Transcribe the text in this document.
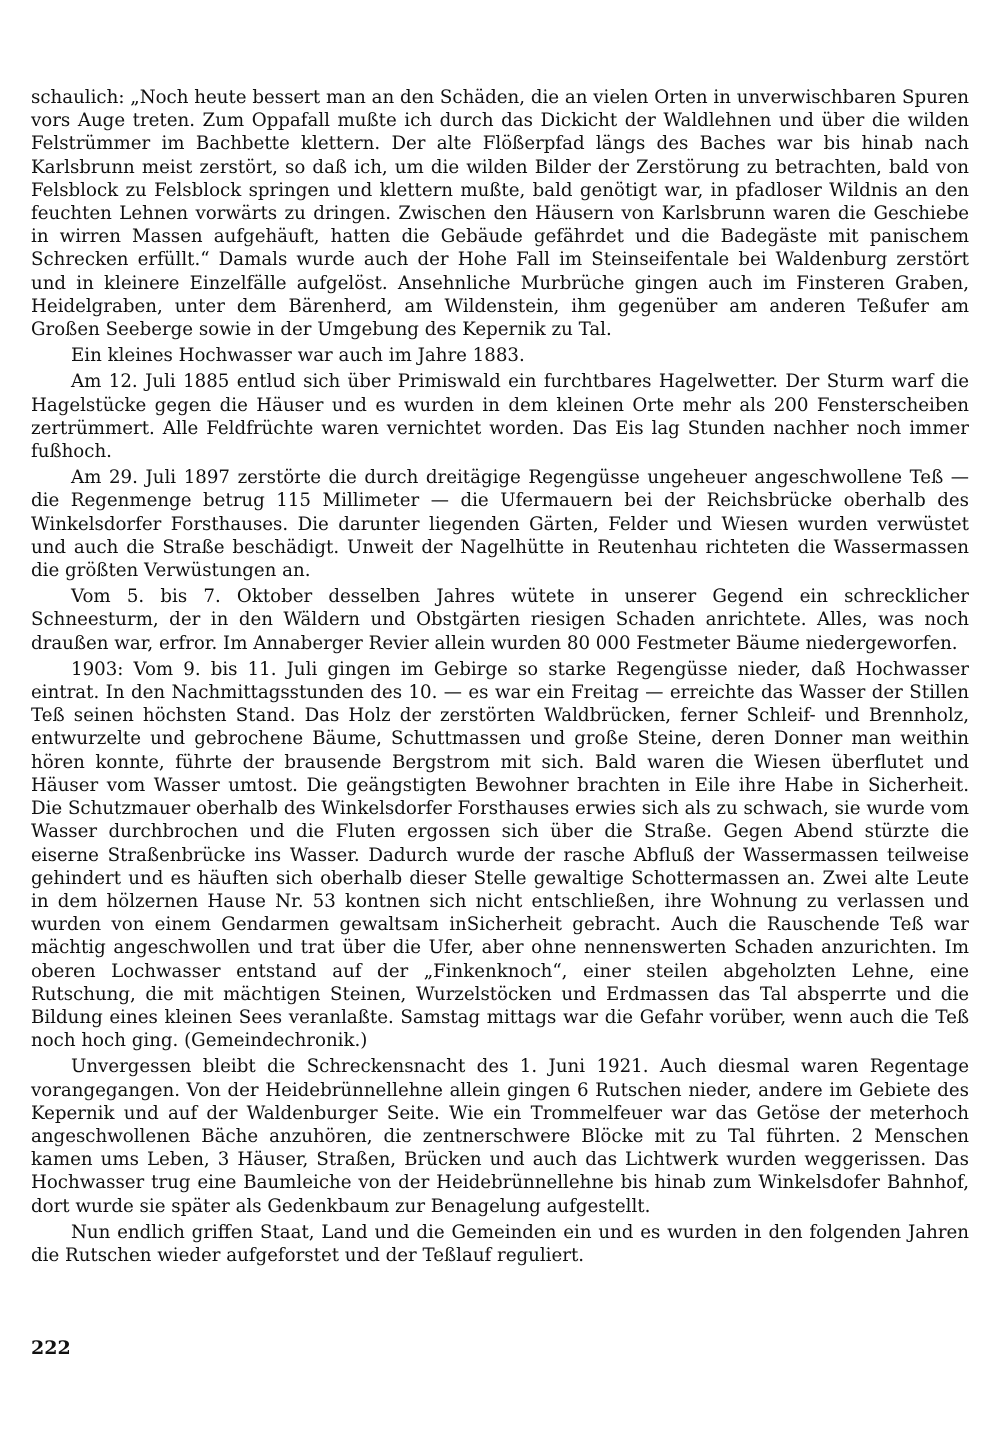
schaulich: „Noch heute bessert man an den Schäden, die an vielen Orten in unverwischbaren Spuren vors Auge treten. Zum Oppafall mußte ich durch das Dickicht der Waldlehnen und über die wilden Felstrümmer im Bachbette klettern. Der alte Flößerpfad längs des Baches war bis hinab nach Karlsbrunn meist zerstört, so daß ich, um die wilden Bilder der Zerstörung zu betrachten, bald von Felsblock zu Felsblock springen und klettern mußte, bald genötigt war, in pfadloser Wildnis an den feuchten Lehnen vorwärts zu dringen. Zwischen den Häusern von Karlsbrunn waren die Geschiebe in wirren Massen aufgehäuft, hatten die Gebäude gefährdet und die Badegäste mit panischem Schrecken erfüllt.“ Damals wurde auch der Hohe Fall im Steinseifentale bei Waldenburg zerstört und in kleinere Einzelfälle aufgelöst. Ansehnliche Murbrüche gingen auch im Finsteren Graben, Heidelgraben, unter dem Bärenherd, am Wildenstein, ihm gegenüber am anderen Teßufer am Großen Seeberge sowie in der Umgebung des Kepernik zu Tal.

Ein kleines Hochwasser war auch im Jahre 1883.

Am 12. Juli 1885 entlud sich über Primiswald ein furchtbares Hagelwetter. Der Sturm warf die Hagelstücke gegen die Häuser und es wurden in dem kleinen Orte mehr als 200 Fensterscheiben zertrümmert. Alle Feldfrüchte waren vernichtet worden. Das Eis lag Stunden nachher noch immer fußhoch.

Am 29. Juli 1897 zerstörte die durch dreitägige Regengüsse ungeheuer angeschwollene Teß — die Regenmenge betrug 115 Millimeter — die Ufermauern bei der Reichsbrücke oberhalb des Winkelsdorfer Forsthauses. Die darunter liegenden Gärten, Felder und Wiesen wurden verwüstet und auch die Straße beschädigt. Unweit der Nagelhütte in Reutenhau richteten die Wassermassen die größten Verwüstungen an.

Vom 5. bis 7. Oktober desselben Jahres wütete in unserer Gegend ein schrecklicher Schneesturm, der in den Wäldern und Obstgärten riesigen Schaden anrichtete. Alles, was noch draußen war, erfror. Im Annaberger Revier allein wurden 80 000 Festmeter Bäume niedergeworfen.

1903: Vom 9. bis 11. Juli gingen im Gebirge so starke Regengüsse nieder, daß Hochwasser eintrat. In den Nachmittagsstunden des 10. — es war ein Freitag — erreichte das Wasser der Stillen Teß seinen höchsten Stand. Das Holz der zerstörten Waldbrücken, ferner Schleif- und Brennholz, entwurzelte und gebrochene Bäume, Schuttmassen und große Steine, deren Donner man weithin hören konnte, führte der brausende Bergstrom mit sich. Bald waren die Wiesen überflutet und Häuser vom Wasser umtost. Die geängstigten Bewohner brachten in Eile ihre Habe in Sicherheit. Die Schutzmauer oberhalb des Winkelsdorfer Forsthauses erwies sich als zu schwach, sie wurde vom Wasser durchbrochen und die Fluten ergossen sich über die Straße. Gegen Abend stürzte die eiserne Straßenbrücke ins Wasser. Dadurch wurde der rasche Abfluß der Wassermassen teilweise gehindert und es häuften sich oberhalb dieser Stelle gewaltige Schottermassen an. Zwei alte Leute in dem hölzernen Hause Nr. 53 kontnen sich nicht entschließen, ihre Wohnung zu verlassen und wurden von einem Gendarmen gewaltsam inSicherheit gebracht. Auch die Rauschende Teß war mächtig angeschwollen und trat über die Ufer, aber ohne nennenswerten Schaden anzurichten. Im oberen Lochwasser entstand auf der „Finkenknoch“, einer steilen abgeholzten Lehne, eine Rutschung, die mit mächtigen Steinen, Wurzelstöcken und Erdmassen das Tal absperrte und die Bildung eines kleinen Sees veranlaßte. Samstag mittags war die Gefahr vorüber, wenn auch die Teß noch hoch ging. (Gemeindechronik.)

Unvergessen bleibt die Schreckensnacht des 1. Juni 1921. Auch diesmal waren Regentage vorangegangen. Von der Heidebrünnellehne allein gingen 6 Rutschen nieder, andere im Gebiete des Kepernik und auf der Waldenburger Seite. Wie ein Trommelfeuer war das Getöse der meterhoch angeschwollenen Bäche anzuhören, die zentnerschwere Blöcke mit zu Tal führten. 2 Menschen kamen ums Leben, 3 Häuser, Straßen, Brücken und auch das Lichtwerk wurden weggerissen. Das Hochwasser trug eine Baumleiche von der Heidebrünnellehne bis hinab zum Winkelsdofer Bahnhof, dort wurde sie später als Gedenkbaum zur Benagelung aufgestellt.

Nun endlich griffen Staat, Land und die Gemeinden ein und es wurden in den folgenden Jahren die Rutschen wieder aufgeforstet und der Teßlauf reguliert.

222
